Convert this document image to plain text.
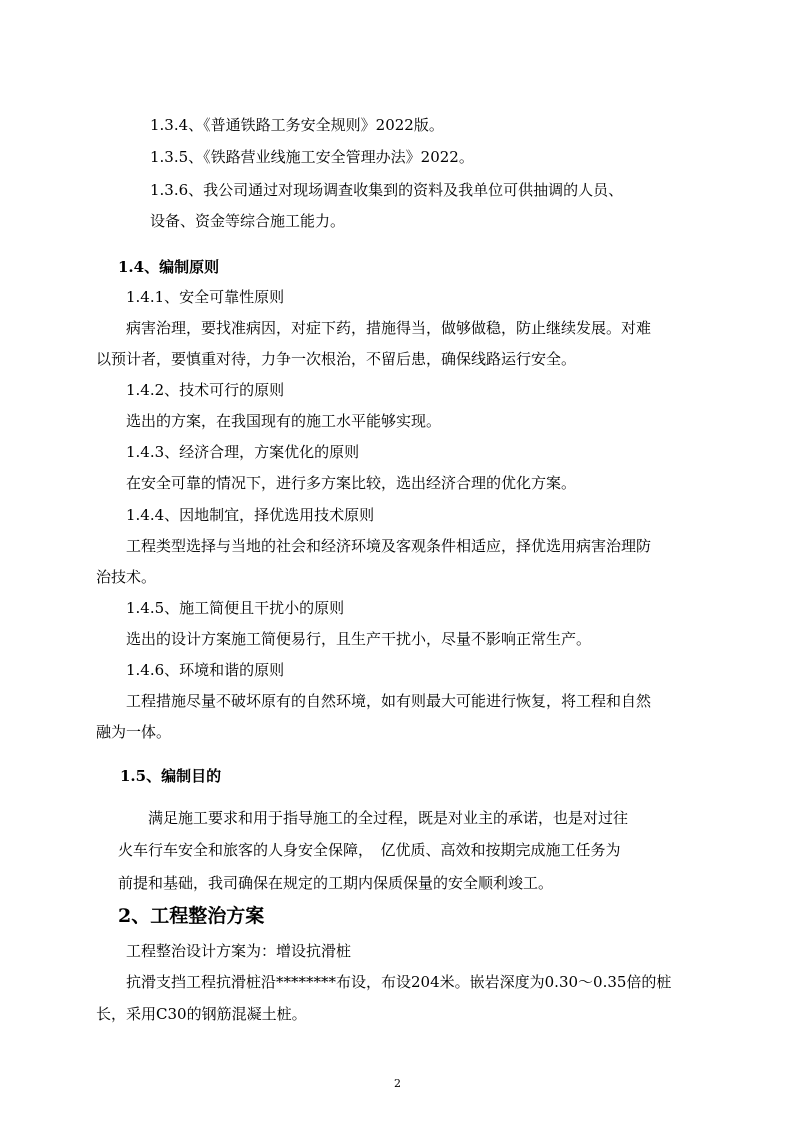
1.3.4、《普通铁路工务安全规则》2022版。
1.3.5、《铁路营业线施工安全管理办法》2022。
1.3.6、我公司通过对现场调查收集到的资料及我单位可供抽调的人员、
设备、资金等综合施工能力。
1.4、编制原则
1.4.1、安全可靠性原则
病害治理，要找准病因，对症下药，措施得当，做够做稳，防止继续发展。对难
以预计者，要慎重对待，力争一次根治，不留后患，确保线路运行安全。
1.4.2、技术可行的原则
选出的方案，在我国现有的施工水平能够实现。
1.4.3、经济合理，方案优化的原则
在安全可靠的情况下，进行多方案比较，选出经济合理的优化方案。
1.4.4、因地制宜，择优选用技术原则
工程类型选择与当地的社会和经济环境及客观条件相适应，择优选用病害治理防
治技术。
1.4.5、施工简便且干扰小的原则
选出的设计方案施工简便易行，且生产干扰小，尽量不影响正常生产。
1.4.6、环境和谐的原则
工程措施尽量不破坏原有的自然环境，如有则最大可能进行恢复，将工程和自然
融为一体。
1.5、编制目的
满足施工要求和用于指导施工的全过程，既是对业主的承诺，也是对过往
火车行车安全和旅客的人身安全保障，　亿优质、高效和按期完成施工任务为
前提和基础，我司确保在规定的工期内保质保量的安全顺利竣工。
2、工程整治方案
工程整治设计方案为：增设抗滑桩
抗滑支挡工程抗滑桩沿********布设，布设204米。嵌岩深度为0.30～0.35倍的桩
长，采用C30的钢筋混凝土桩。
2
